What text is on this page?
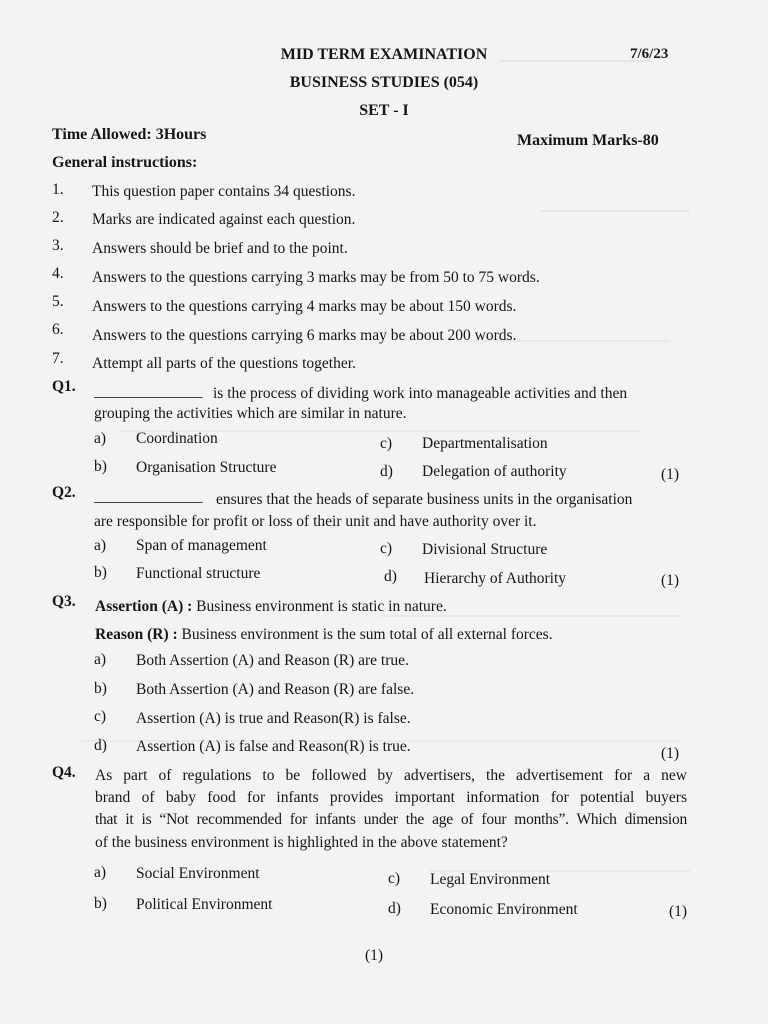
MID TERM EXAMINATION
BUSINESS STUDIES (054)
SET - I
7/6/23
Time Allowed: 3Hours	Maximum Marks-80
General instructions:
1. This question paper contains 34 questions.
2. Marks are indicated against each question.
3. Answers should be brief and to the point.
4. Answers to the questions carrying 3 marks may be from 50 to 75 words.
5. Answers to the questions carrying 4 marks may be about 150 words.
6. Answers to the questions carrying 6 marks may be about 200 words.
7. Attempt all parts of the questions together.
Q1. ______________ is the process of dividing work into manageable activities and then
grouping the activities which are similar in nature.
a) Coordination	c) Departmentalisation
b) Organisation Structure	d) Delegation of authority	(1)
Q2. ______________ ensures that the heads of separate business units in the organisation
are responsible for profit or loss of their unit and have authority over it.
a) Span of management	c) Divisional Structure
b) Functional structure	d) Hierarchy of Authority	(1)
Q3. Assertion (A) : Business environment is static in nature.
Reason (R) : Business environment is the sum total of all external forces.
a) Both Assertion (A) and Reason (R) are true.
b) Both Assertion (A) and Reason (R) are false.
c) Assertion (A) is true and Reason(R) is false.
d) Assertion (A) is false and Reason(R) is true.	(1)
Q4. As part of regulations to be followed by advertisers, the advertisement for a new
brand of baby food for infants provides important information for potential buyers
that it is “Not recommended for infants under the age of four months”. Which dimension
of the business environment is highlighted in the above statement?
a) Social Environment	c) Legal Environment
b) Political Environment	d) Economic Environment	(1)
(1)
